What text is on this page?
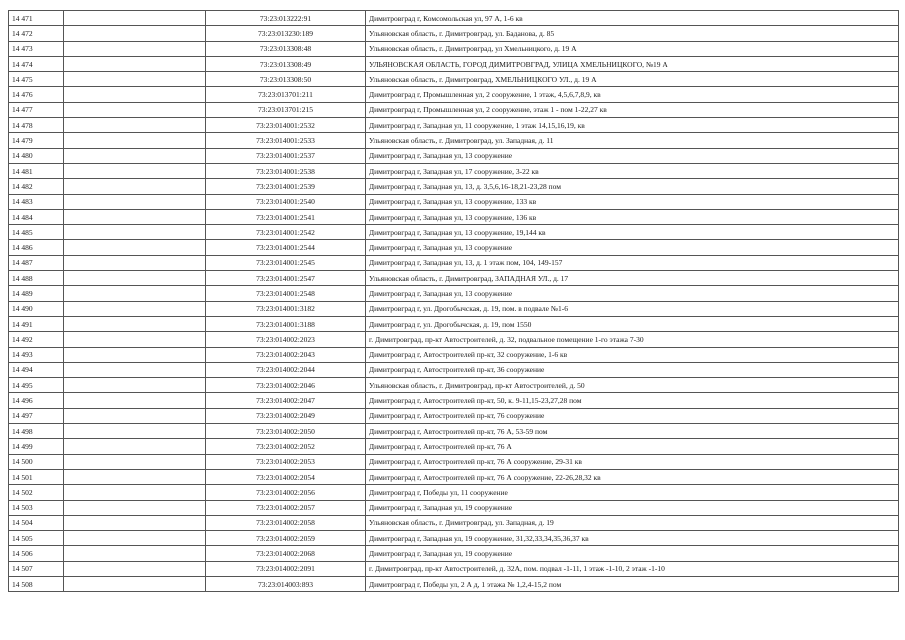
14 471		73:23:013222:91	Димитровград г, Комсомольская ул, 97 А, 1-6 кв
14 472		73:23:013230:189	Ульяновская область, г. Димитровград, ул. Баданова, д. 85
14 473		73:23:013308:48	Ульяновская область, г. Димитровград, ул Хмельницкого, д. 19 А
14 474		73:23:013308:49	УЛЬЯНОВСКАЯ ОБЛАСТЬ, ГОРОД ДИМИТРОВГРАД, УЛИЦА ХМЕЛЬНИЦКОГО, №19 А
14 475		73:23:013308:50	Ульяновская область, г. Димитровград, ХМЕЛЬНИЦКОГО УЛ., д. 19 А
14 476		73:23:013701:211	Димитровград г, Промышленная ул, 2 сооружение, 1 этаж, 4,5,6,7,8,9, кв
14 477		73:23:013701:215	Димитровград г, Промышленная ул, 2 сооружение, этаж 1 - пом 1-22,27 кв
14 478		73:23:014001:2532	Димитровград г, Западная ул, 11 сооружение, 1 этаж 14,15,16,19, кв
14 479		73:23:014001:2533	Ульяновская область, г. Димитровград, ул. Западная, д. 11
14 480		73:23:014001:2537	Димитровград г, Западная ул, 13 сооружение
14 481		73:23:014001:2538	Димитровград г, Западная ул, 17 сооружение, 3-22 кв
14 482		73:23:014001:2539	Димитровград г, Западная ул, 13, д. 3,5,6,16-18,21-23,28 пом
14 483		73:23:014001:2540	Димитровград г, Западная ул, 13 сооружение, 133 кв
14 484		73:23:014001:2541	Димитровград г, Западная ул, 13 сооружение, 136 кв
14 485		73:23:014001:2542	Димитровград г, Западная ул, 13 сооружение, 19,144 кв
14 486		73:23:014001:2544	Димитровград г, Западная ул, 13 сооружение
14 487		73:23:014001:2545	Димитровград г, Западная ул, 13, д. 1 этаж пом, 104, 149-157
14 488		73:23:014001:2547	Ульяновская область, г. Димитровград, ЗАПАДНАЯ УЛ., д. 17
14 489		73:23:014001:2548	Димитровград г, Западная ул, 13 сооружение
14 490		73:23:014001:3182	Димитровград г, ул. Дрогобычская, д. 19, пом. в подвале №1-6
14 491		73:23:014001:3188	Димитровград г, ул. Дрогобычская, д. 19, пом 1550
14 492		73:23:014002:2023	г. Димитровград, пр-кт Автостроителей, д. 32, подвальное помещение 1-го этажа 7-30
14 493		73:23:014002:2043	Димитровград г, Автостроителей пр-кт, 32 сооружение, 1-6 кв
14 494		73:23:014002:2044	Димитровград г, Автостроителей пр-кт, 36 сооружение
14 495		73:23:014002:2046	Ульяновская область, г. Димитровград, пр-кт Автостроителей, д. 50
14 496		73:23:014002:2047	Димитровград г, Автостроителей пр-кт, 50, к. 9-11,15-23,27,28 пом
14 497		73:23:014002:2049	Димитровград г, Автостроителей пр-кт, 76 сооружение
14 498		73:23:014002:2050	Димитровград г, Автостроителей пр-кт, 76 А, 53-59 пом
14 499		73:23:014002:2052	Димитровград г, Автостроителей пр-кт, 76 А
14 500		73:23:014002:2053	Димитровград г, Автостроителей пр-кт, 76 А сооружение, 29-31 кв
14 501		73:23:014002:2054	Димитровград г, Автостроителей пр-кт, 76 А сооружение, 22-26,28,32 кв
14 502		73:23:014002:2056	Димитровград г, Победы ул, 11 сооружение
14 503		73:23:014002:2057	Димитровград г, Западная ул, 19 сооружение
14 504		73:23:014002:2058	Ульяновская область, г. Димитровград, ул. Западная, д. 19
14 505		73:23:014002:2059	Димитровград г, Западная ул, 19 сооружение, 31,32,33,34,35,36,37 кв
14 506		73:23:014002:2068	Димитровград г, Западная ул, 19 сооружение
14 507		73:23:014002:2091	г. Димитровград, пр-кт Автостроителей, д. 32А, пом. подвал -1-11, 1 этаж -1-10, 2 этаж -1-10
14 508		73:23:014003:893	Димитровград г, Победы ул, 2 А д, 1 этажа № 1,2,4-15,2 пом
